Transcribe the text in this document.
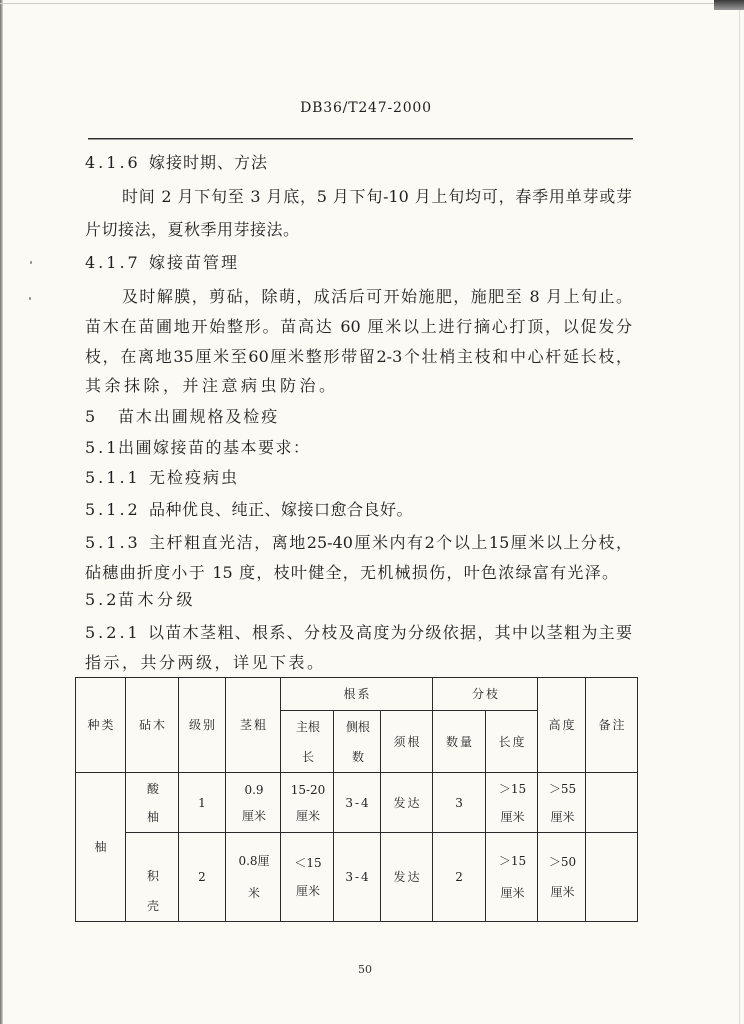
DB36/T247-2000
4.1.6 嫁接时期、方法
时间 2 月下旬至 3 月底，5 月下旬-10 月上旬均可，春季用单芽或芽
片切接法，夏秋季用芽接法。
4.1.7 嫁接苗管理
及时解膜，剪砧，除萌，成活后可开始施肥，施肥至 8 月上旬止。
苗木在苗圃地开始整形。苗高达 60 厘米以上进行摘心打顶，以促发分
枝，在离地35厘米至60厘米整形带留2-3个壮梢主枝和中心杆延长枝，
其余抹除，并注意病虫防治。
5 苗木出圃规格及检疫
5.1出圃嫁接苗的基本要求：
5.1.1 无检疫病虫
5.1.2 品种优良、纯正、嫁接口愈合良好。
5.1.3 主杆粗直光洁，离地25-40厘米内有2个以上15厘米以上分枝，
砧穗曲折度小于 15 度，枝叶健全，无机械损伤，叶色浓绿富有光泽。
5.2苗木分级
5.2.1 以苗木茎粗、根系、分枝及高度为分级依据，其中以茎粗为主要
指示，共分两级，详见下表。
种类	砧木	级别	茎粗	根系			分枝		高度	备注
				主根长	侧根数	须根	数量	长度		
柚	酸柚	1	0.9厘米	15-20厘米	3-4	发达	3	＞15厘米	＞55厘米	
	积壳	2	0.8厘米	＜15厘米	3-4	发达	2	＞15厘米	＞50厘米	
50
